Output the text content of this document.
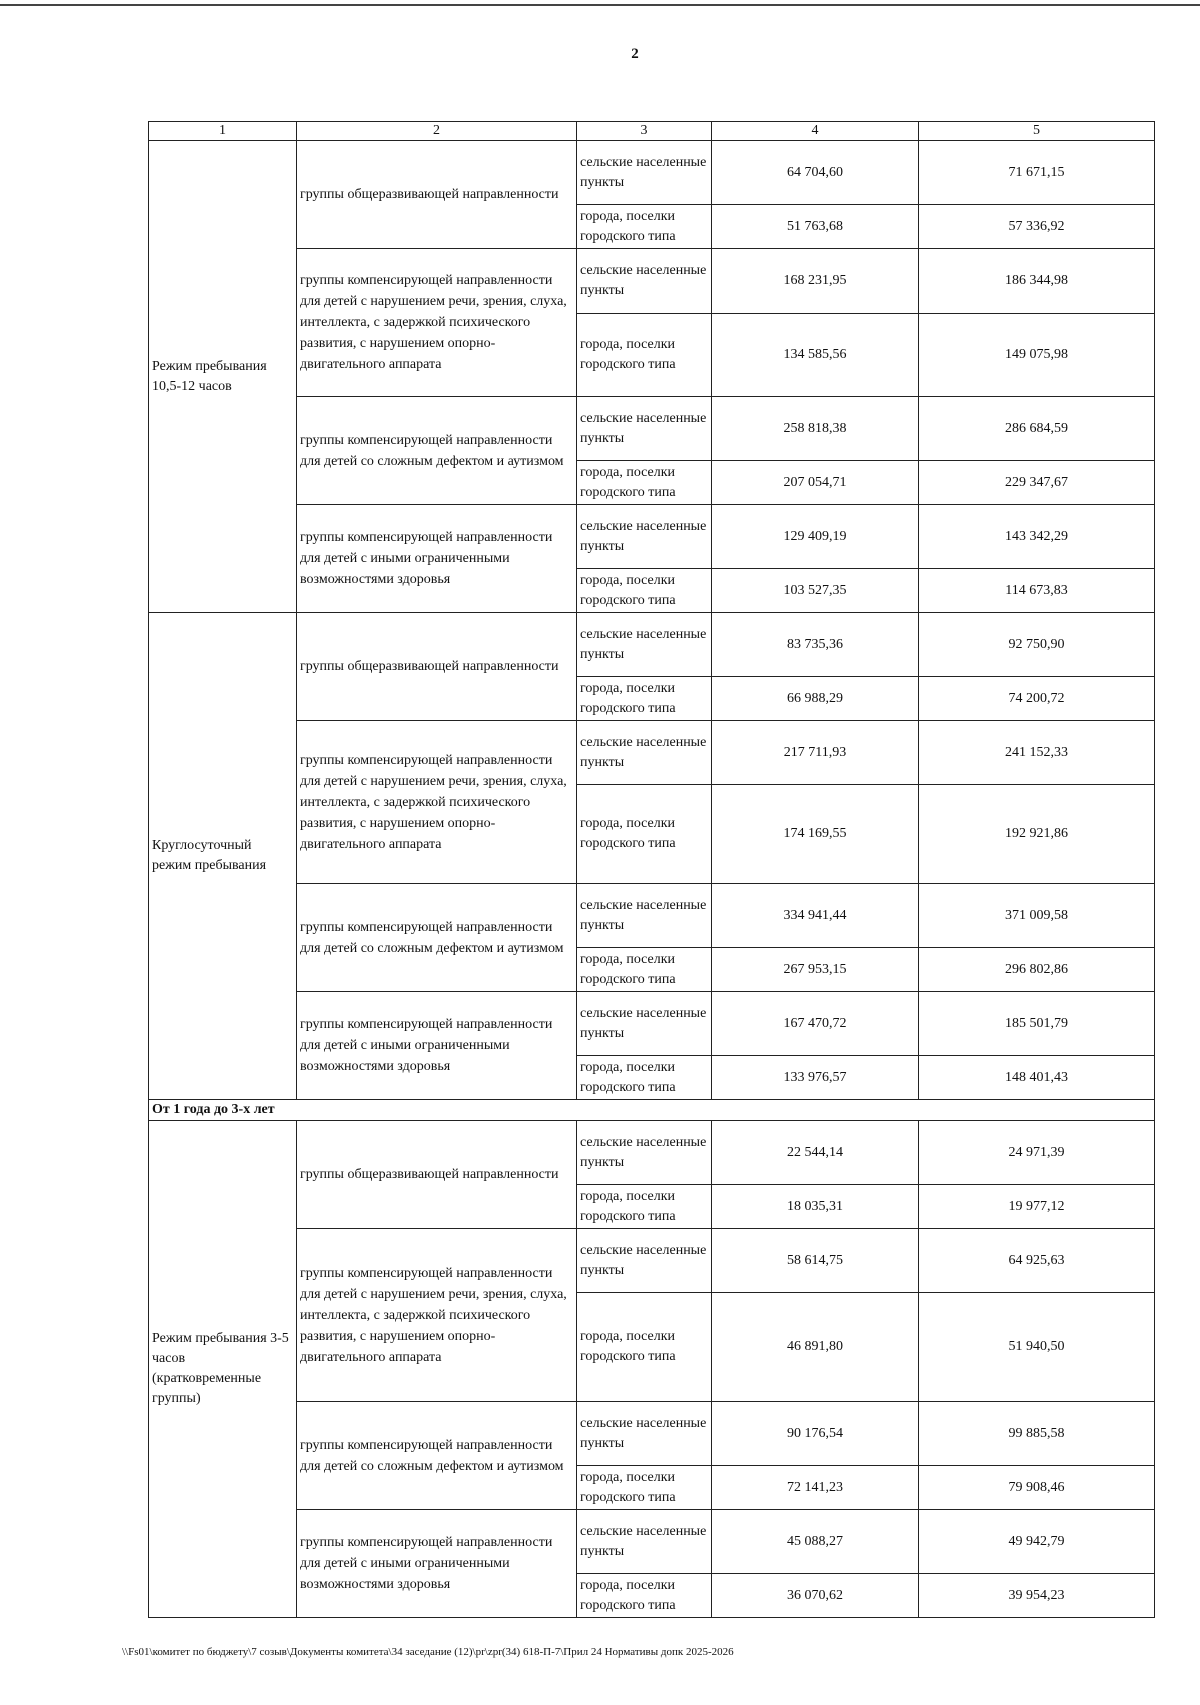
2
1	2	3	4	5
Режим пребывания 10,5-12 часов	группы общеразвивающей направленности	сельские населенные пункты	64 704,60	71 671,15
		города, поселки городского типа	51 763,68	57 336,92
	группы компенсирующей направленности для детей с нарушением речи, зрения, слуха, интеллекта, с задержкой психического развития, с нарушением опорно-двигательного аппарата	сельские населенные пункты	168 231,95	186 344,98
		города, поселки городского типа	134 585,56	149 075,98
	группы компенсирующей направленности для детей со сложным дефектом и аутизмом	сельские населенные пункты	258 818,38	286 684,59
		города, поселки городского типа	207 054,71	229 347,67
	группы компенсирующей направленности для детей с иными ограниченными возможностями здоровья	сельские населенные пункты	129 409,19	143 342,29
		города, поселки городского типа	103 527,35	114 673,83
Круглосуточный режим пребывания	группы общеразвивающей направленности	сельские населенные пункты	83 735,36	92 750,90
		города, поселки городского типа	66 988,29	74 200,72
	группы компенсирующей направленности для детей с нарушением речи, зрения, слуха, интеллекта, с задержкой психического развития, с нарушением опорно-двигательного аппарата	сельские населенные пункты	217 711,93	241 152,33
		города, поселки городского типа	174 169,55	192 921,86
	группы компенсирующей направленности для детей со сложным дефектом и аутизмом	сельские населенные пункты	334 941,44	371 009,58
		города, поселки городского типа	267 953,15	296 802,86
	группы компенсирующей направленности для детей с иными ограниченными возможностями здоровья	сельские населенные пункты	167 470,72	185 501,79
		города, поселки городского типа	133 976,57	148 401,43
От 1 года до 3-х лет				
Режим пребывания 3-5 часов (кратковременные группы)	группы общеразвивающей направленности	сельские населенные пункты	22 544,14	24 971,39
		города, поселки городского типа	18 035,31	19 977,12
	группы компенсирующей направленности для детей с нарушением речи, зрения, слуха, интеллекта, с задержкой психического развития, с нарушением опорно-двигательного аппарата	сельские населенные пункты	58 614,75	64 925,63
		города, поселки городского типа	46 891,80	51 940,50
	группы компенсирующей направленности для детей со сложным дефектом и аутизмом	сельские населенные пункты	90 176,54	99 885,58
		города, поселки городского типа	72 141,23	79 908,46
	группы компенсирующей направленности для детей с иными ограниченными возможностями здоровья	сельские населенные пункты	45 088,27	49 942,79
		города, поселки городского типа	36 070,62	39 954,23
\\Fs01\комитет по бюджету\7 созыв\Документы комитета\34 заседание (12)\pr\zpr(34) 618-П-7\Прил 24 Нормативы допк 2025-2026
